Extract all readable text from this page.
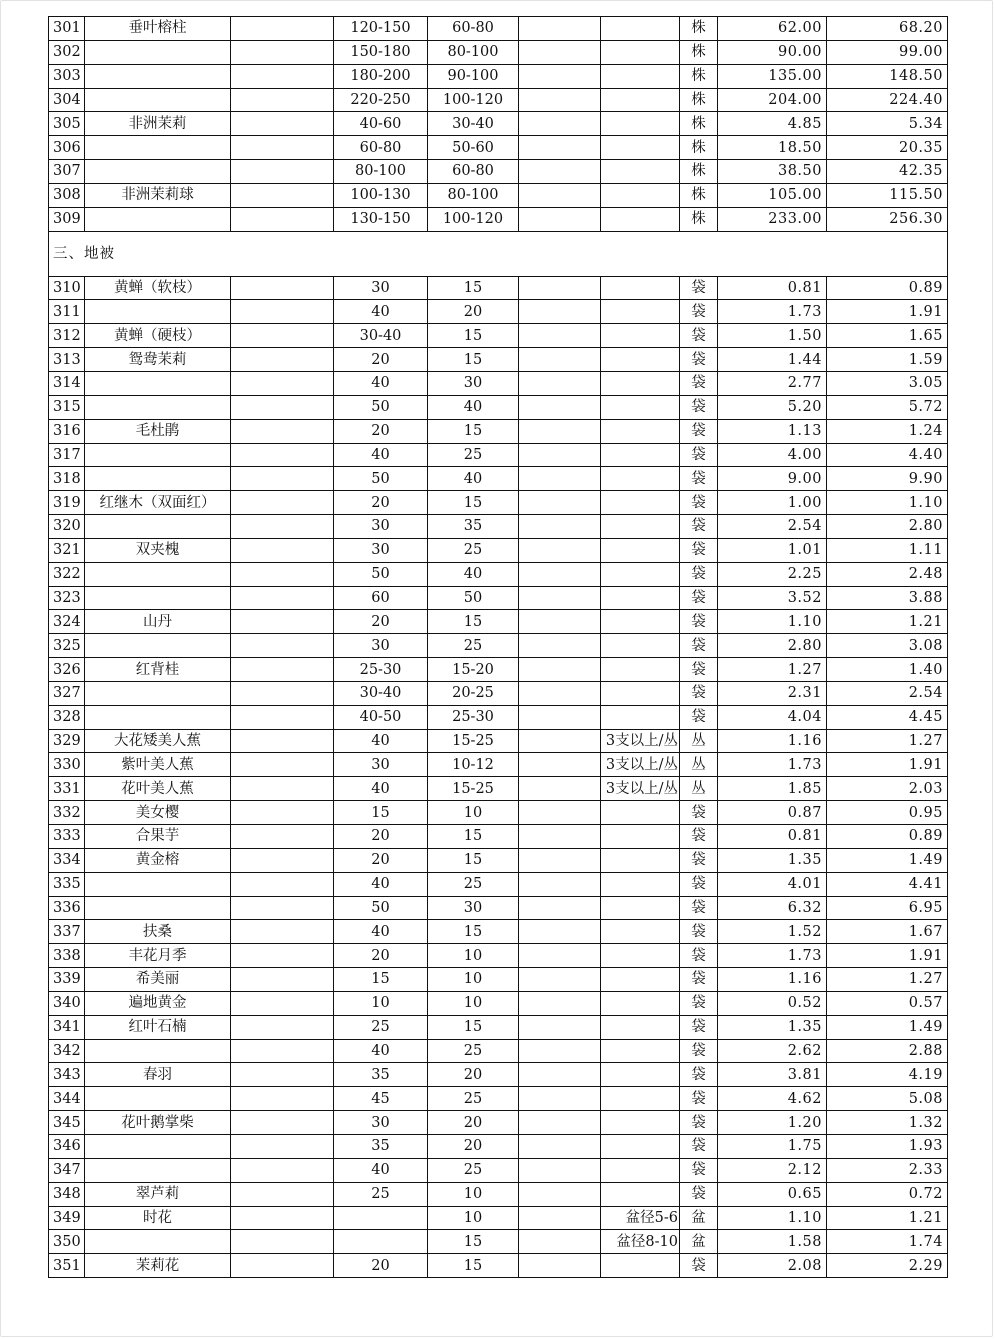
301	垂叶榕柱		120-150	60-80			株	62.00	68.20
302			150-180	80-100			株	90.00	99.00
303			180-200	90-100			株	135.00	148.50
304			220-250	100-120			株	204.00	224.40
305	非洲茉莉		40-60	30-40			株	4.85	5.34
306			60-80	50-60			株	18.50	20.35
307			80-100	60-80			株	38.50	42.35
308	非洲茉莉球		100-130	80-100			株	105.00	115.50
309			130-150	100-120			株	233.00	256.30
三、地被									
310	黄蝉（软枝）		30	15			袋	0.81	0.89
311			40	20			袋	1.73	1.91
312	黄蝉（硬枝）		30-40	15			袋	1.50	1.65
313	鸳鸯茉莉		20	15			袋	1.44	1.59
314			40	30			袋	2.77	3.05
315			50	40			袋	5.20	5.72
316	毛杜鹃		20	15			袋	1.13	1.24
317			40	25			袋	4.00	4.40
318			50	40			袋	9.00	9.90
319	红继木（双面红）		20	15			袋	1.00	1.10
320			30	35			袋	2.54	2.80
321	双夹槐		30	25			袋	1.01	1.11
322			50	40			袋	2.25	2.48
323			60	50			袋	3.52	3.88
324	山丹		20	15			袋	1.10	1.21
325			30	25			袋	2.80	3.08
326	红背桂		25-30	15-20			袋	1.27	1.40
327			30-40	20-25			袋	2.31	2.54
328			40-50	25-30			袋	4.04	4.45
329	大花矮美人蕉		40	15-25		3支以上/丛	丛	1.16	1.27
330	紫叶美人蕉		30	10-12		3支以上/丛	丛	1.73	1.91
331	花叶美人蕉		40	15-25		3支以上/丛	丛	1.85	2.03
332	美女樱		15	10			袋	0.87	0.95
333	合果芋		20	15			袋	0.81	0.89
334	黄金榕		20	15			袋	1.35	1.49
335			40	25			袋	4.01	4.41
336			50	30			袋	6.32	6.95
337	扶桑		40	15			袋	1.52	1.67
338	丰花月季		20	10			袋	1.73	1.91
339	希美丽		15	10			袋	1.16	1.27
340	遍地黄金		10	10			袋	0.52	0.57
341	红叶石楠		25	15			袋	1.35	1.49
342			40	25			袋	2.62	2.88
343	春羽		35	20			袋	3.81	4.19
344			45	25			袋	4.62	5.08
345	花叶鹅掌柴		30	20			袋	1.20	1.32
346			35	20			袋	1.75	1.93
347			40	25			袋	2.12	2.33
348	翠芦莉		25	10			袋	0.65	0.72
349	时花			10		盆径5-6	盆	1.10	1.21
350				15		盆径8-10	盆	1.58	1.74
351	茉莉花		20	15			袋	2.08	2.29
